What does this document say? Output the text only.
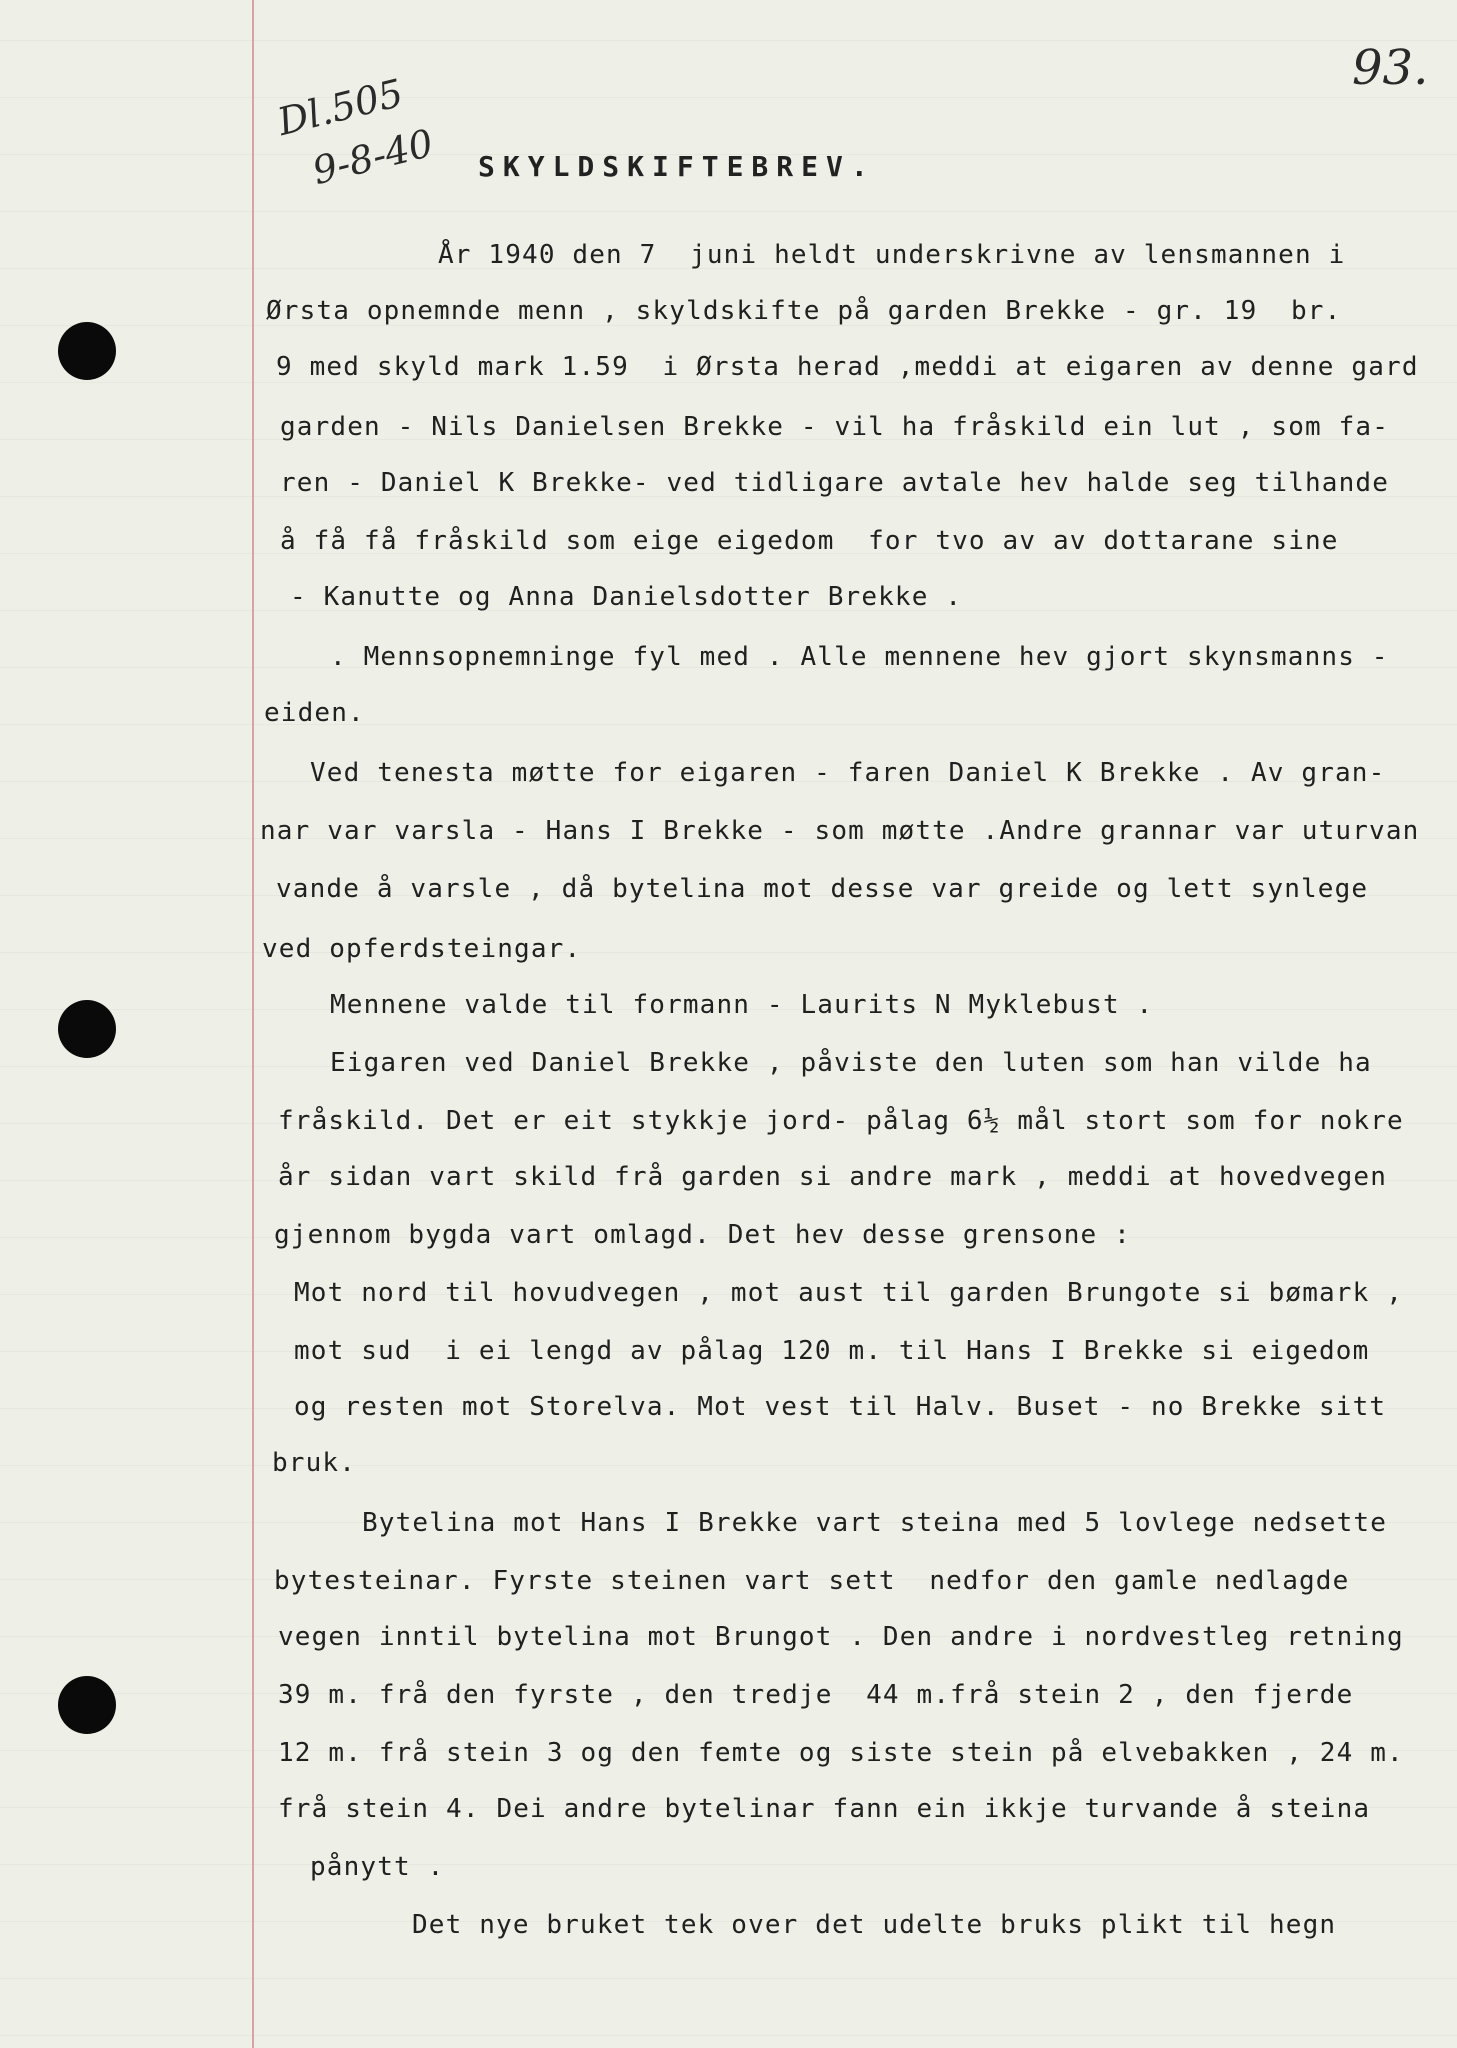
Dl.505
9-8-40
93.
SKYLDSKIFTEBREV.
År 1940 den 7  juni heldt underskrivne av lensmannen i
Ørsta opnemnde menn , skyldskifte på garden Brekke - gr. 19  br.
9 med skyld mark 1.59  i Ørsta herad ,meddi at eigaren av denne gard
garden - Nils Danielsen Brekke - vil ha fråskild ein lut , som fa-
ren - Daniel K Brekke- ved tidligare avtale hev halde seg tilhande
å få få fråskild som eige eigedom  for tvo av av dottarane sine
- Kanutte og Anna Danielsdotter Brekke .
. Mennsopnemninge fyl med . Alle mennene hev gjort skynsmanns -
eiden.
Ved tenesta møtte for eigaren - faren Daniel K Brekke . Av gran-
nar var varsla - Hans I Brekke - som møtte .Andre grannar var uturvan
vande å varsle , då bytelina mot desse var greide og lett synlege
ved opferdsteingar.
Mennene valde til formann - Laurits N Myklebust .
Eigaren ved Daniel Brekke , påviste den luten som han vilde ha
fråskild. Det er eit stykkje jord- pålag 6½ mål stort som for nokre
år sidan vart skild frå garden si andre mark , meddi at hovedvegen
gjennom bygda vart omlagd. Det hev desse grensone :
Mot nord til hovudvegen , mot aust til garden Brungote si bømark ,
mot sud  i ei lengd av pålag 120 m. til Hans I Brekke si eigedom
og resten mot Storelva. Mot vest til Halv. Buset - no Brekke sitt
bruk.
Bytelina mot Hans I Brekke vart steina med 5 lovlege nedsette
bytesteinar. Fyrste steinen vart sett  nedfor den gamle nedlagde
vegen inntil bytelina mot Brungot . Den andre i nordvestleg retning
39 m. frå den fyrste , den tredje  44 m.frå stein 2 , den fjerde
12 m. frå stein 3 og den femte og siste stein på elvebakken , 24 m.
frå stein 4. Dei andre bytelinar fann ein ikkje turvande å steina
pånytt .
Det nye bruket tek over det udelte bruks plikt til hegn
